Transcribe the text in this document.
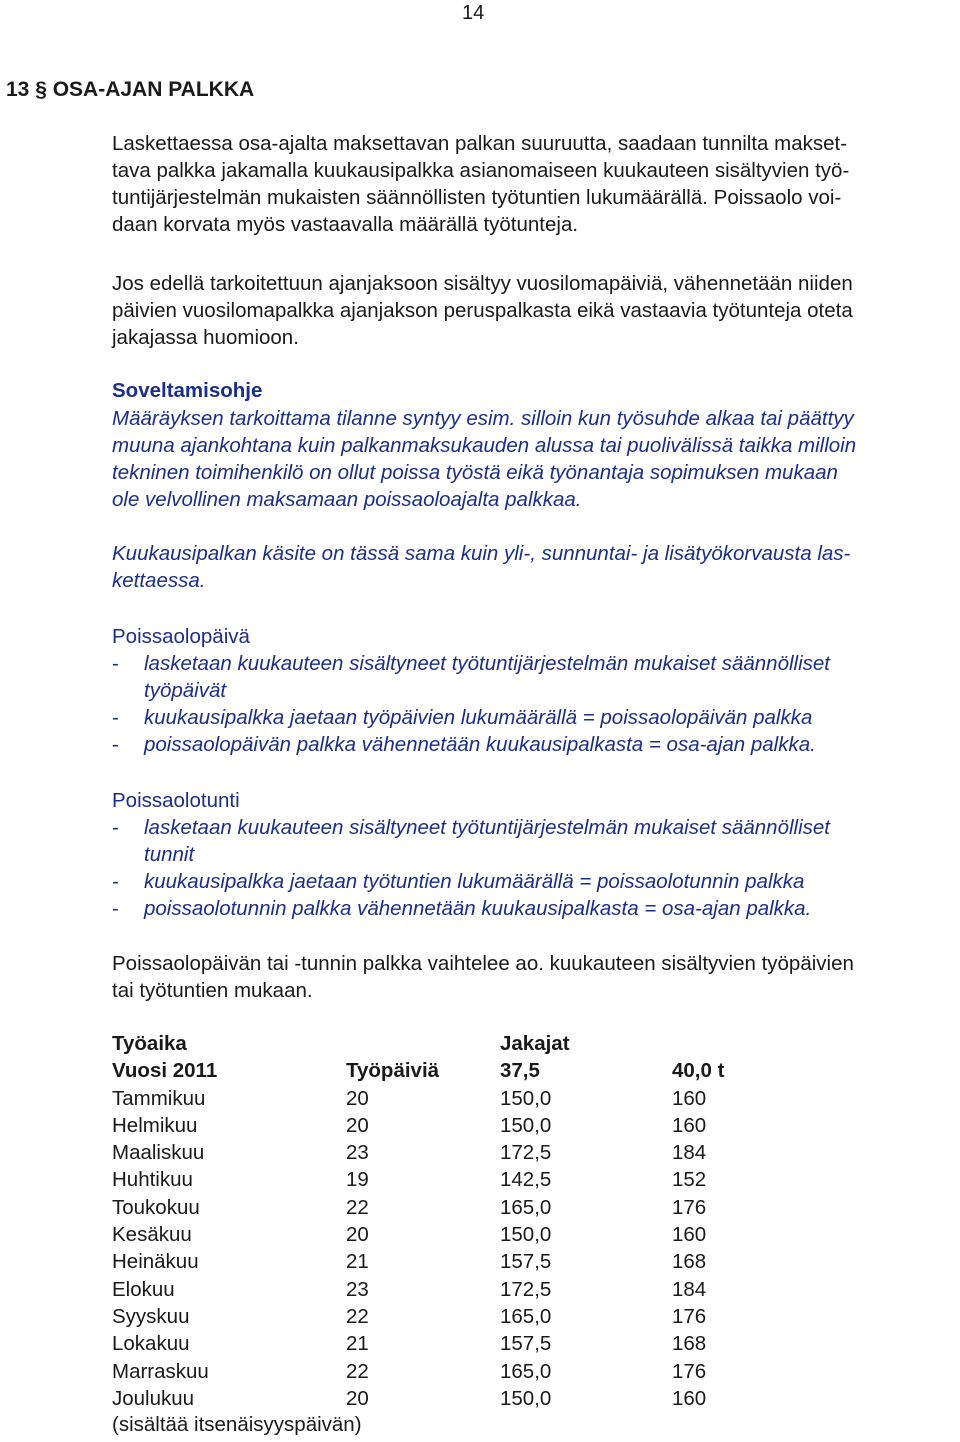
14
13 § OSA-AJAN PALKKA
Laskettaessa osa-ajalta maksettavan palkan suuruutta, saadaan tunnilta makset-
tava palkka jakamalla kuukausipalkka asianomaiseen kuukauteen sisältyvien työ-
tuntijärjestelmän mukaisten säännöllisten työtuntien lukumäärällä. Poissaolo voi-
daan korvata myös vastaavalla määrällä työtunteja.
Jos edellä tarkoitettuun ajanjaksoon sisältyy vuosilomapäiviä, vähennetään niiden
päivien vuosilomapalkka ajanjakson peruspalkasta eikä vastaavia työtunteja oteta
jakajassa huomioon.
Soveltamisohje
Määräyksen tarkoittama tilanne syntyy esim. silloin kun työsuhde alkaa tai päättyy
muuna ajankohtana kuin palkanmaksukauden alussa tai puolivälissä taikka milloin
tekninen toimihenkilö on ollut poissa työstä eikä työnantaja sopimuksen mukaan
ole velvollinen maksamaan poissaoloajalta palkkaa.
Kuukausipalkan käsite on tässä sama kuin yli-, sunnuntai- ja lisätyökorvausta las-
kettaessa.
Poissaolopäivä
- lasketaan kuukauteen sisältyneet työtuntijärjestelmän mukaiset säännölliset
työpäivät
- kuukausipalkka jaetaan työpäivien lukumäärällä = poissaolopäivän palkka
- poissaolopäivän palkka vähennetään kuukausipalkasta = osa-ajan palkka.
Poissaolotunti
- lasketaan kuukauteen sisältyneet työtuntijärjestelmän mukaiset säännölliset
tunnit
- kuukausipalkka jaetaan työtuntien lukumäärällä = poissaolotunnin palkka
- poissaolotunnin palkka vähennetään kuukausipalkasta = osa-ajan palkka.
Poissaolopäivän tai -tunnin palkka vaihtelee ao. kuukauteen sisältyvien työpäivien
tai työtuntien mukaan.
Työaika		Jakajat	
Vuosi 2011	Työpäiviä	37,5	40,0 t
Tammikuu	20	150,0	160
Helmikuu	20	150,0	160
Maaliskuu	23	172,5	184
Huhtikuu	19	142,5	152
Toukokuu	22	165,0	176
Kesäkuu	20	150,0	160
Heinäkuu	21	157,5	168
Elokuu	23	172,5	184
Syyskuu	22	165,0	176
Lokakuu	21	157,5	168
Marraskuu	22	165,0	176
Joulukuu	20	150,0	160
(sisältää itsenäisyyspäivän)
